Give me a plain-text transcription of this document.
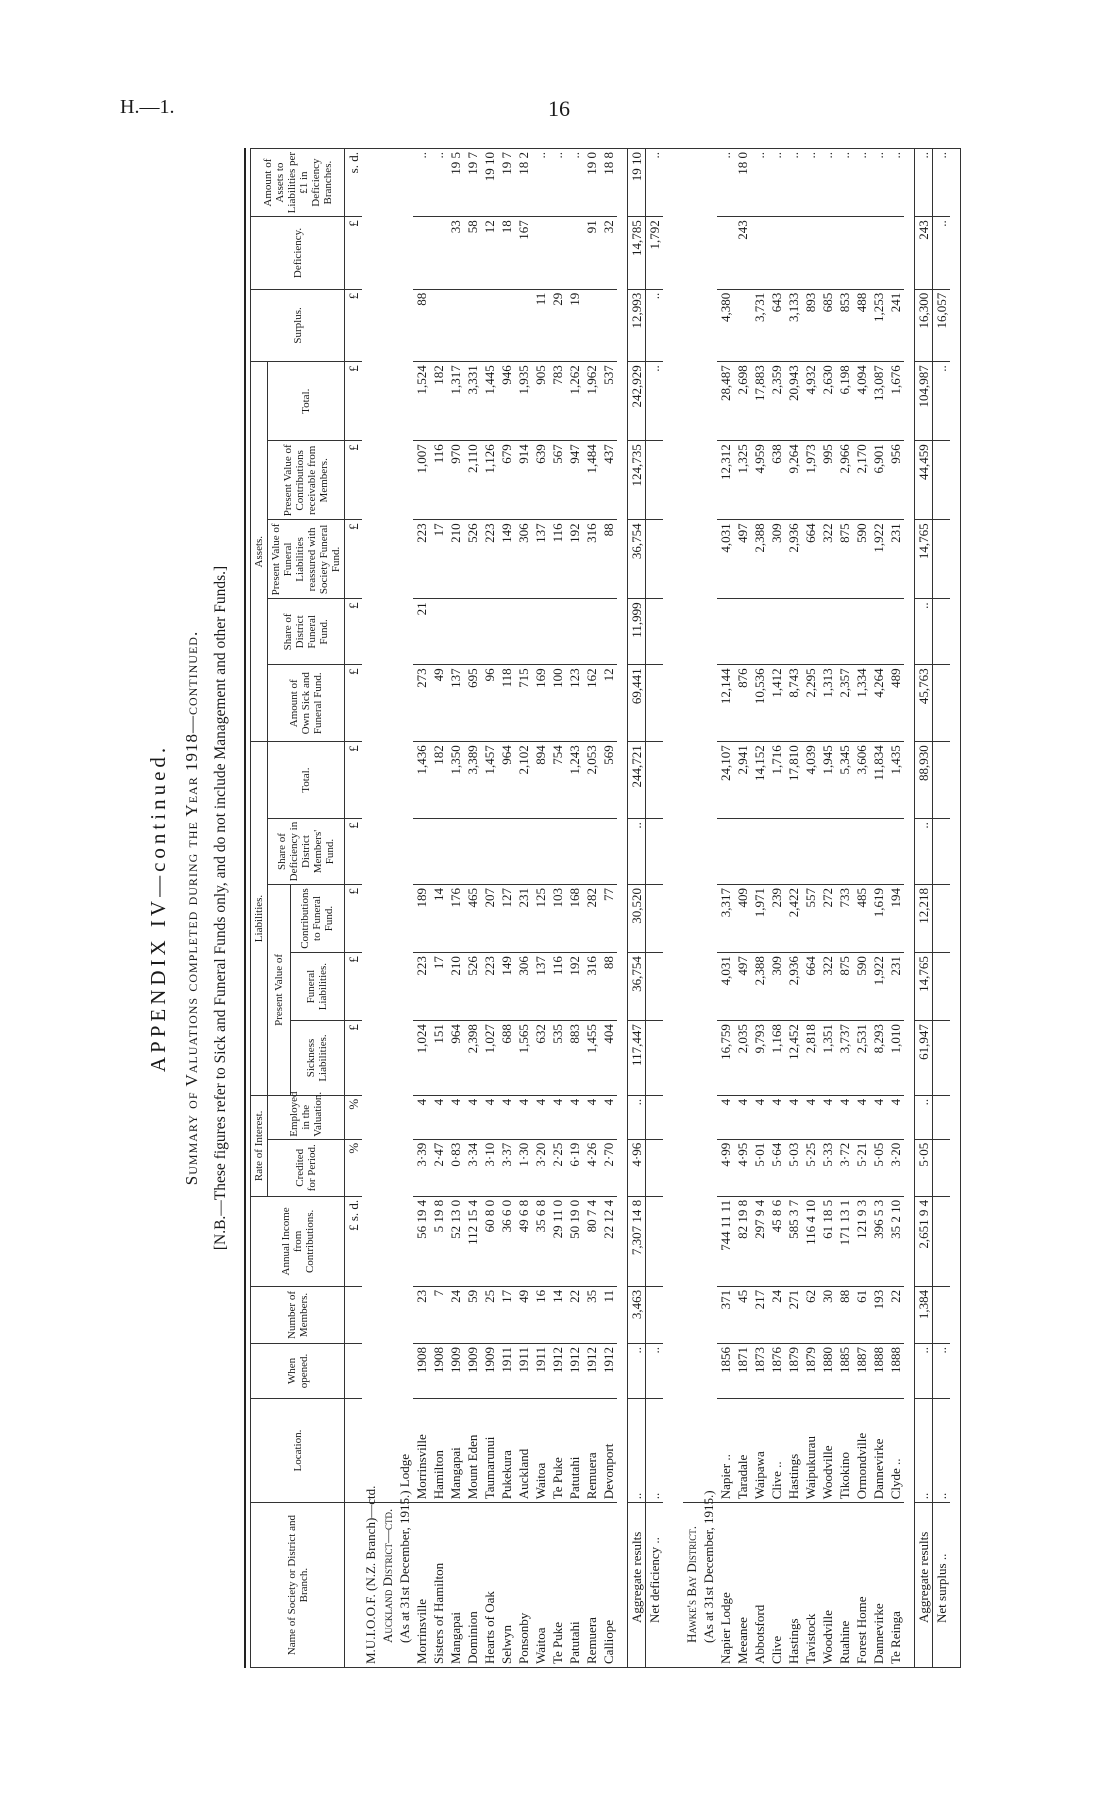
H.—1.	16
APPENDIX IV—continued. Summary of Valuations completed during the Year 1918—continued. [N.B.—These figures refer to Sick and Funeral Funds only, and do not include Management and other Funds.]
Name of Society or District and Branch.	Location.	When opened.	Number of Members.	Annual Income from Contributions.	Rate of Interest.		Liabilities.					Assets.					Surplus.	Deficiency.	Amount of Assets to Liabilities per £1 in Deficiency Branches.
					Credited for Period.	Employed in the Valuation.	Present Value of			Share of Deficiency in District Members' Fund.	Total.	Amount of Own Sick and Funeral Fund.	Share of District Funeral Fund.	Present Value of Funeral Liabilities reassured with Society Funeral Fund.	Present Value of Contributions receivable from Members.	Total.			
							Sickness Liabilities.	Funeral Liabilities.	Contributions to Funeral Fund.										
				£ s. d.	%	%	£	£	£	£	£	£	£	£	£	£	£	£	s. d.
M.U.I.O.O.F. (N.Z. Branch)—ctd.																			
Auckland District—ctd.																			
(As at 31st December, 1915.) Lodge																			
Morrinsville	Morrinsville	1908	23	56 19 4	3·39	4	1,024	223	189		1,436	273	21	223	1,007	1,524	88		..
Sisters of Hamilton	Hamilton	1908	7	5 19 8	2·47	4	151	17	14		182	49		17	116	182			..
Mangapai	Mangapai	1909	24	52 13 0	0·83	4	964	210	176		1,350	137		210	970	1,317		33	19 5
Dominion	Mount Eden	1909	59	112 15 4	3·34	4	2,398	526	465		3,389	695		526	2,110	3,331		58	19 7
Hearts of Oak	Taumarunui	1909	25	60 8 0	3·10	4	1,027	223	207		1,457	96		223	1,126	1,445		12	19 10
Selwyn	Pukekura	1911	17	36 6 0	3·37	4	688	149	127		964	118		149	679	946		18	19 7
Ponsonby	Auckland	1911	49	49 6 8	1·30	4	1,565	306	231		2,102	715		306	914	1,935		167	18 2
Waitoa	Waitoa	1911	16	35 6 8	3·20	4	632	137	125		894	169		137	639	905	11		..
Te Puke	Te Puke	1912	14	29 11 0	2·25	4	535	116	103		754	100		116	567	783	29		..
Patutahi	Patutahi	1912	22	50 19 0	6·19	4	883	192	168		1,243	123		192	947	1,262	19		..
Remuera	Remuera	1912	35	80 7 4	4·26	4	1,455	316	282		2,053	162		316	1,484	1,962		91	19 0
Calliope	Devonport	1912	11	22 12 4	2·70	4	404	88	77		569	12		88	437	537		32	18 8

Aggregate results	..	..	3,463	7,307 14 8	4·96	..	117,447	36,754	30,520	..	244,721	69,441	11,999	36,754	124,735	242,929	12,993	14,785	19 10
Net deficiency ..	..	..														..	..	1,792	..

Hawke's Bay District.																			
(As at 31st December, 1915.)																			
Napier Lodge	Napier ..	1856	371	744 11 11	4·99	4	16,759	4,031	3,317		24,107	12,144		4,031	12,312	28,487	4,380		..
Meeanee	Taradale	1871	45	82 19 8	4·95	4	2,035	497	409		2,941	876		497	1,325	2,698		243	18 0
Abbotsford	Waipawa	1873	217	297 9 4	5·01	4	9,793	2,388	1,971		14,152	10,536		2,388	4,959	17,883	3,731		..
Clive	Clive ..	1876	24	45 8 6	5·64	4	1,168	309	239		1,716	1,412		309	638	2,359	643		..
Hastings	Hastings	1879	271	585 3 7	5·03	4	12,452	2,936	2,422		17,810	8,743		2,936	9,264	20,943	3,133		..
Tavistock	Waipukurau	1879	62	116 4 10	5·25	4	2,818	664	557		4,039	2,295		664	1,973	4,932	893		..
Woodville	Woodville	1880	30	61 18 5	5·33	4	1,351	322	272		1,945	1,313		322	995	2,630	685		..
Ruahine	Tikokino	1885	88	171 13 1	3·72	4	3,737	875	733		5,345	2,357		875	2,966	6,198	853		..
Forest Home	Ormondville	1887	61	121 9 3	5·21	4	2,531	590	485		3,606	1,334		590	2,170	4,094	488		..
Dannevirke	Dannevirke	1888	193	396 5 3	5·05	4	8,293	1,922	1,619		11,834	4,264		1,922	6,901	13,087	1,253		..
Te Reinga	Clyde ..	1888	22	35 2 10	3·20	4	1,010	231	194		1,435	489		231	956	1,676	241		..

Aggregate results	..	..	1,384	2,651 9 4	5·05	..	61,947	14,765	12,218	..	88,930	45,763	..	14,765	44,459	104,987	16,300	243	..
Net surplus ..	..	..														..	16,057	..	..
